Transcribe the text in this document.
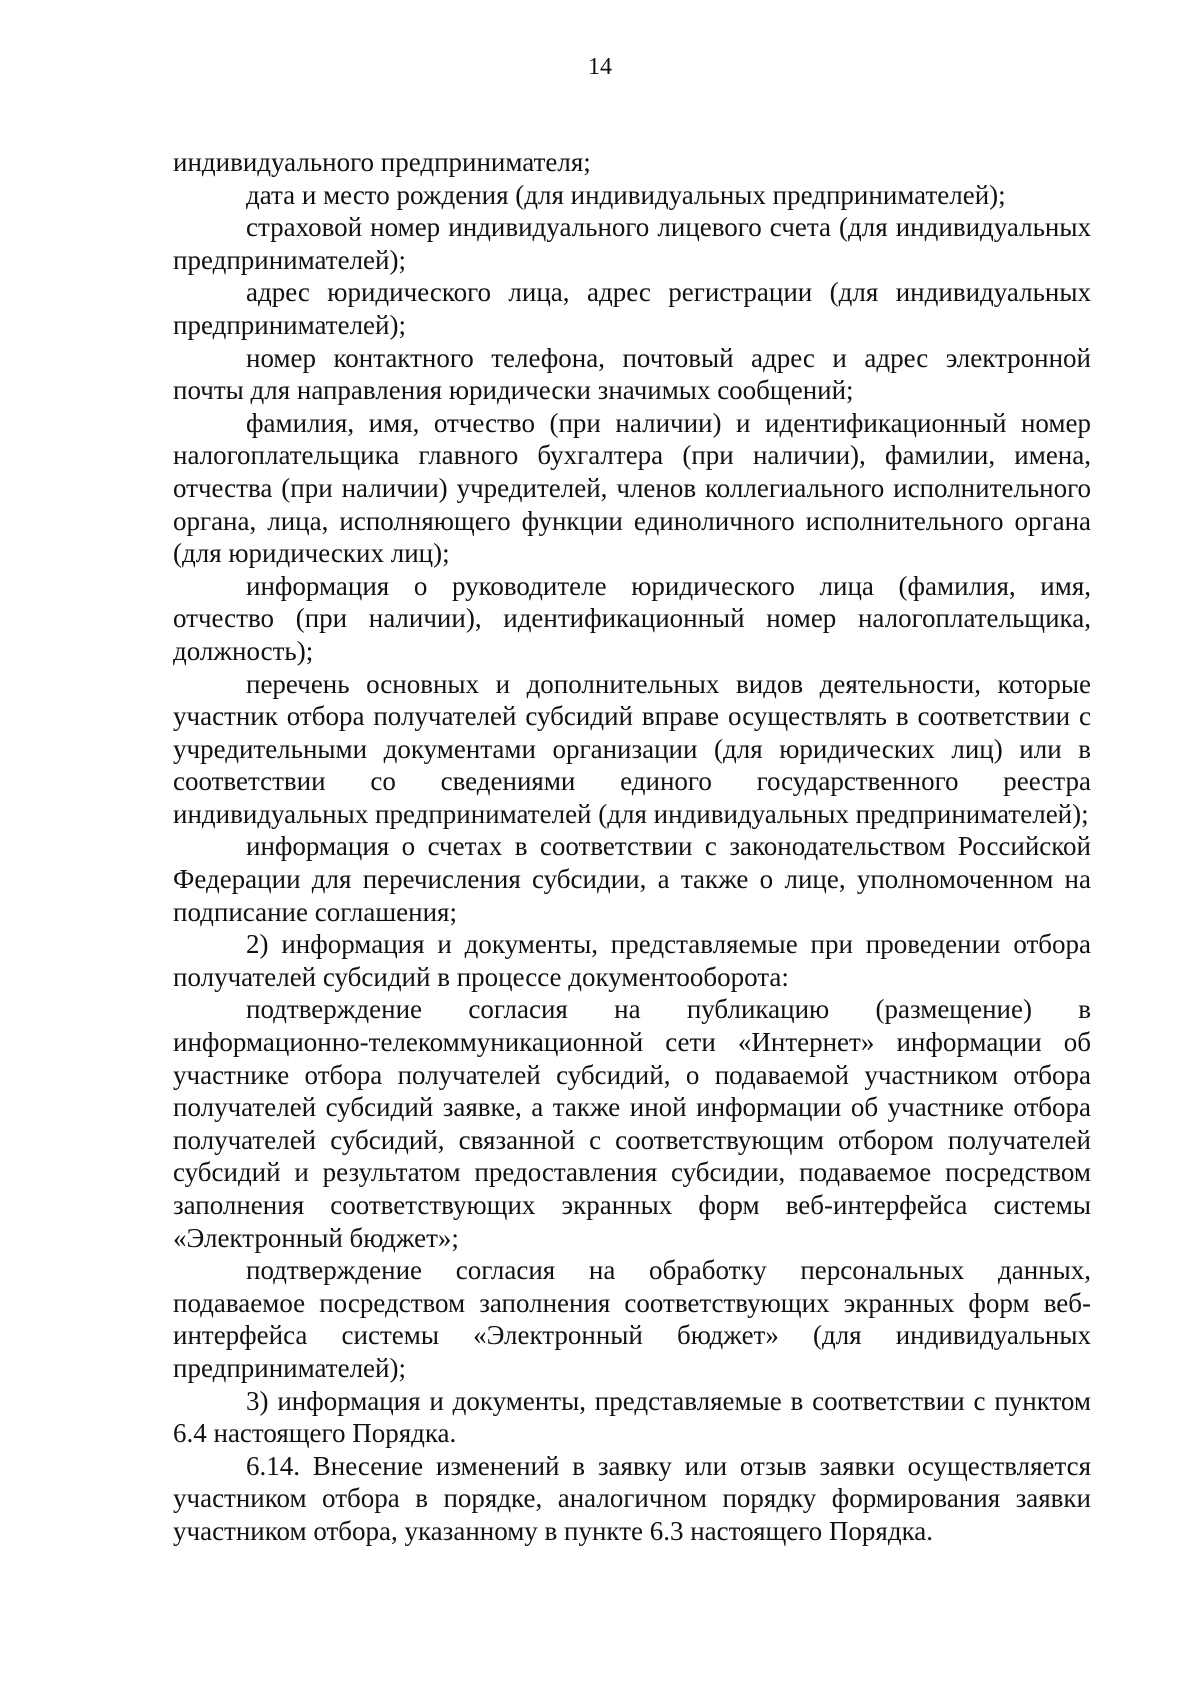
14

индивидуального предпринимателя;

дата и место рождения (для индивидуальных предпринимателей);

страховой номер индивидуального лицевого счета (для индивидуальных предпринимателей);

адрес юридического лица, адрес регистрации (для индивидуальных предпринимателей);

номер контактного телефона, почтовый адрес и адрес электронной почты для направления юридически значимых сообщений;

фамилия, имя, отчество (при наличии) и идентификационный номер налогоплательщика главного бухгалтера (при наличии), фамилии, имена, отчества (при наличии) учредителей, членов коллегиального исполнительного органа, лица, исполняющего функции единоличного исполнительного органа (для юридических лиц);

информация о руководителе юридического лица (фамилия, имя, отчество (при наличии), идентификационный номер налогоплательщика, должность);

перечень основных и дополнительных видов деятельности, которые участник отбора получателей субсидий вправе осуществлять в соответствии с учредительными документами организации (для юридических лиц) или в соответствии со сведениями единого государственного реестра индивидуальных предпринимателей (для индивидуальных предпринимателей);

информация о счетах в соответствии с законодательством Российской Федерации для перечисления субсидии, а также о лице, уполномоченном на подписание соглашения;

2) информация и документы, представляемые при проведении отбора получателей субсидий в процессе документооборота:

подтверждение согласия на публикацию (размещение) в информационно-телекоммуникационной сети «Интернет» информации об участнике отбора получателей субсидий, о подаваемой участником отбора получателей субсидий заявке, а также иной информации об участнике отбора получателей субсидий, связанной с соответствующим отбором получателей субсидий и результатом предоставления субсидии, подаваемое посредством заполнения соответствующих экранных форм веб-интерфейса системы «Электронный бюджет»;

подтверждение согласия на обработку персональных данных, подаваемое посредством заполнения соответствующих экранных форм веб-интерфейса системы «Электронный бюджет» (для индивидуальных предпринимателей);

3) информация и документы, представляемые в соответствии с пунктом 6.4 настоящего Порядка.

6.14. Внесение изменений в заявку или отзыв заявки осуществляется участником отбора в порядке, аналогичном порядку формирования заявки участником отбора, указанному в пункте 6.3 настоящего Порядка.
